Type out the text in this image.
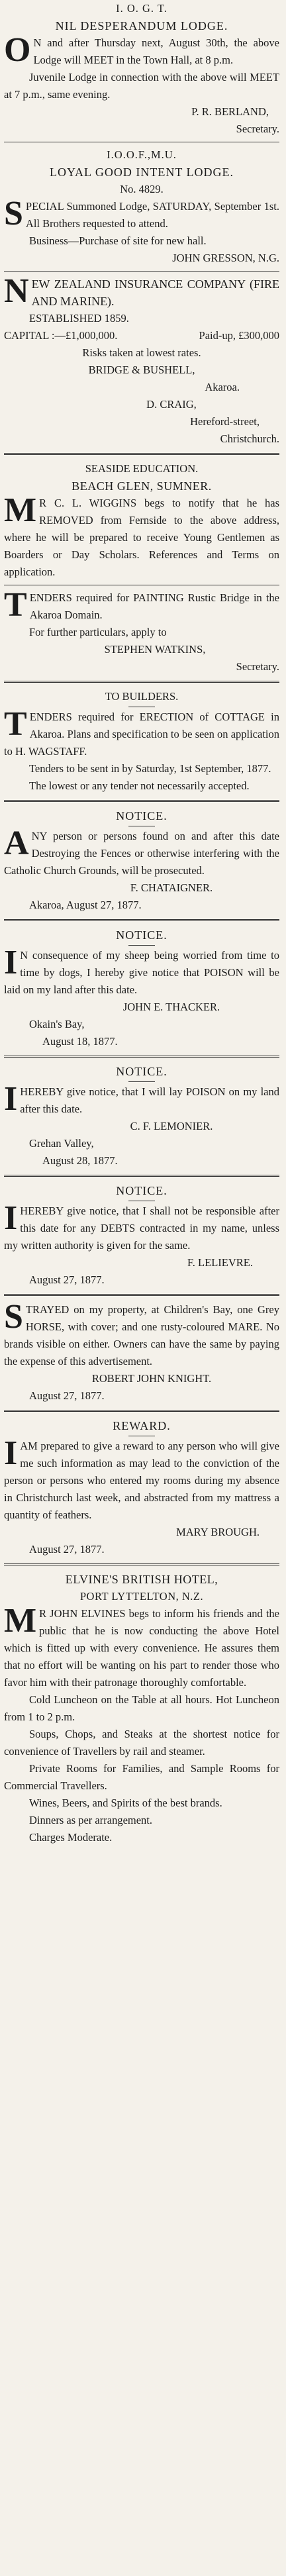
I. O. G. T.

NIL DESPERANDUM LODGE.

ON and after Thursday next, August 30th, the above Lodge will MEET in the Town Hall, at 8 p.m.

Juvenile Lodge in connection with the above will MEET at 7 p.m., same evening.

P. R. BERLAND,

Secretary.

I.O.O.F.,M.U.

LOYAL GOOD INTENT LODGE.

No. 4829.

SPECIAL Summoned Lodge, SATURDAY, September 1st. All Brothers requested to attend.

Business—Purchase of site for new hall.

JOHN GRESSON, N.G.

NEW ZEALAND INSURANCE COMPANY (FIRE AND MARINE).

ESTABLISHED 1859.

CAPITAL :—£1,000,000.	Paid-up, £300,000

Risks taken at lowest rates.

BRIDGE & BUSHELL,

Akaroa.

D. CRAIG,

Hereford-street,

Christchurch.

SEASIDE EDUCATION.

BEACH GLEN, SUMNER.

MR C. L. WIGGINS begs to notify that he has REMOVED from Fernside to the above address, where he will be prepared to receive Young Gentlemen as Boarders or Day Scholars. References and Terms on application.

TENDERS required for PAINTING Rustic Bridge in the Akaroa Domain.

For further particulars, apply to

STEPHEN WATKINS,

Secretary.

TO BUILDERS.

TENDERS required for ERECTION of COTTAGE in Akaroa. Plans and specification to be seen on application to H. WAGSTAFF.

Tenders to be sent in by Saturday, 1st September, 1877.

The lowest or any tender not necessarily accepted.

NOTICE.

ANY person or persons found on and after this date Destroying the Fences or otherwise interfering with the Catholic Church Grounds, will be prosecuted.

F. CHATAIGNER.

Akaroa, August 27, 1877.

NOTICE.

IN consequence of my sheep being worried from time to time by dogs, I hereby give notice that POISON will be laid on my land after this date.

JOHN E. THACKER.

Okain's Bay,

August 18, 1877.

NOTICE.

IHEREBY give notice, that I will lay POISON on my land after this date.

C. F. LEMONIER.

Grehan Valley,

August 28, 1877.

NOTICE.

IHEREBY give notice, that I shall not be responsible after this date for any DEBTS contracted in my name, unless my written authority is given for the same.

F. LELIEVRE.

August 27, 1877.

STRAYED on my property, at Children's Bay, one Grey HORSE, with cover; and one rusty-coloured MARE. No brands visible on either. Owners can have the same by paying the expense of this advertisement.

ROBERT JOHN KNIGHT.

August 27, 1877.

REWARD.

IAM prepared to give a reward to any person who will give me such information as may lead to the conviction of the person or persons who entered my rooms during my absence in Christchurch last week, and abstracted from my mattress a quantity of feathers.

MARY BROUGH.

August 27, 1877.

ELVINE'S BRITISH HOTEL,

PORT LYTTELTON, N.Z.

MR JOHN ELVINES begs to inform his friends and the public that he is now conducting the above Hotel which is fitted up with every convenience. He assures them that no effort will be wanting on his part to render those who favor him with their patronage thoroughly comfortable.

Cold Luncheon on the Table at all hours. Hot Luncheon from 1 to 2 p.m.

Soups, Chops, and Steaks at the shortest notice for convenience of Travellers by rail and steamer.

Private Rooms for Families, and Sample Rooms for Commercial Travellers.

Wines, Beers, and Spirits of the best brands.

Dinners as per arrangement.

Charges Moderate.
